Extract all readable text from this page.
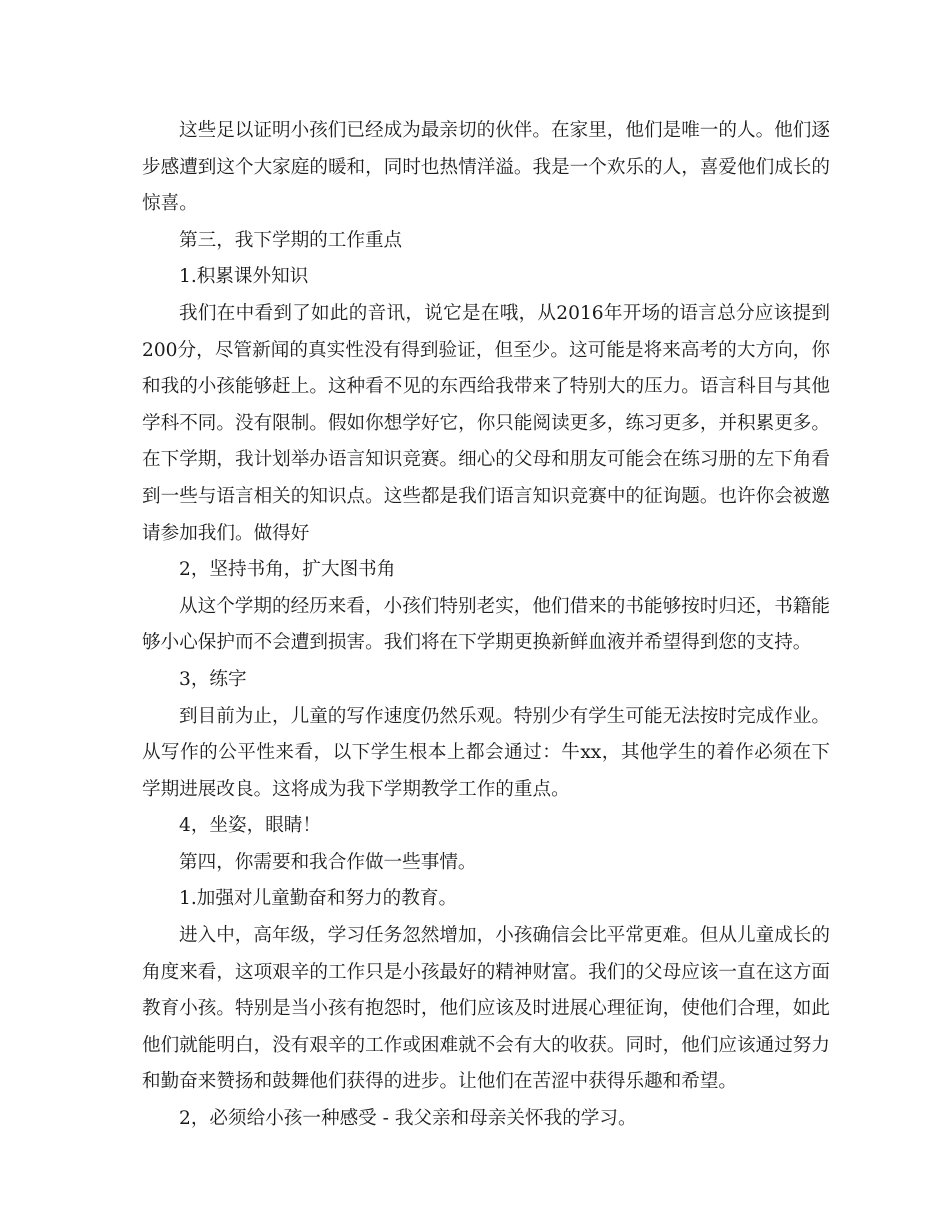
这些足以证明小孩们已经成为最亲切的伙伴。在家里，他们是唯一的人。他们逐步感遭到这个大家庭的暖和，同时也热情洋溢。我是一个欢乐的人，喜爱他们成长的惊喜。

第三，我下学期的工作重点

1.积累课外知识

我们在中看到了如此的音讯，说它是在哦，从2016年开场的语言总分应该提到200分，尽管新闻的真实性没有得到验证，但至少。这可能是将来高考的大方向，你和我的小孩能够赶上。这种看不见的东西给我带来了特别大的压力。语言科目与其他学科不同。没有限制。假如你想学好它，你只能阅读更多，练习更多，并积累更多。在下学期，我计划举办语言知识竞赛。细心的父母和朋友可能会在练习册的左下角看到一些与语言相关的知识点。这些都是我们语言知识竞赛中的征询题。也许你会被邀请参加我们。做得好

2，坚持书角，扩大图书角

从这个学期的经历来看，小孩们特别老实，他们借来的书能够按时归还，书籍能够小心保护而不会遭到损害。我们将在下学期更换新鲜血液并希望得到您的支持。

3，练字

到目前为止，儿童的写作速度仍然乐观。特别少有学生可能无法按时完成作业。从写作的公平性来看，以下学生根本上都会通过：牛xx，其他学生的着作必须在下学期进展改良。这将成为我下学期教学工作的重点。

4，坐姿，眼睛！

第四，你需要和我合作做一些事情。

1.加强对儿童勤奋和努力的教育。

进入中，高年级，学习任务忽然增加，小孩确信会比平常更难。但从儿童成长的角度来看，这项艰辛的工作只是小孩最好的精神财富。我们的父母应该一直在这方面教育小孩。特别是当小孩有抱怨时，他们应该及时进展心理征询，使他们合理，如此他们就能明白，没有艰辛的工作或困难就不会有大的收获。同时，他们应该通过努力和勤奋来赞扬和鼓舞他们获得的进步。让他们在苦涩中获得乐趣和希望。

2，必须给小孩一种感受 - 我父亲和母亲关怀我的学习。
